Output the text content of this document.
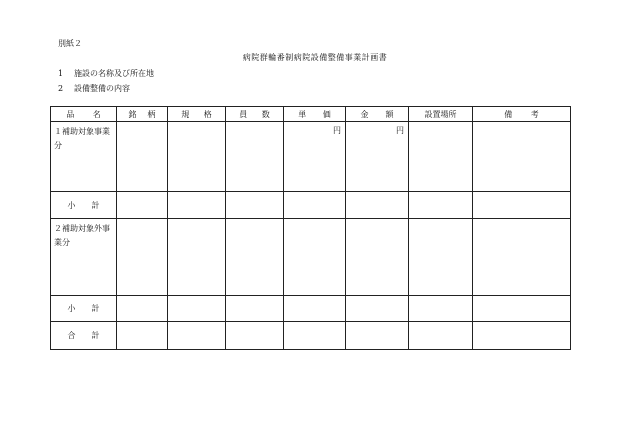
別紙２
病院群輪番制病院設備整備事業計画書
1 施設の名称及び所在地
2 設備整備の内容
品 名	銘 柄	規 格	員 数	単 価	金 額	設置場所	備 考

１補助対象事業分				円	円		
小　　計							
２補助対象外事業分							
小　　計							
合　　計							
